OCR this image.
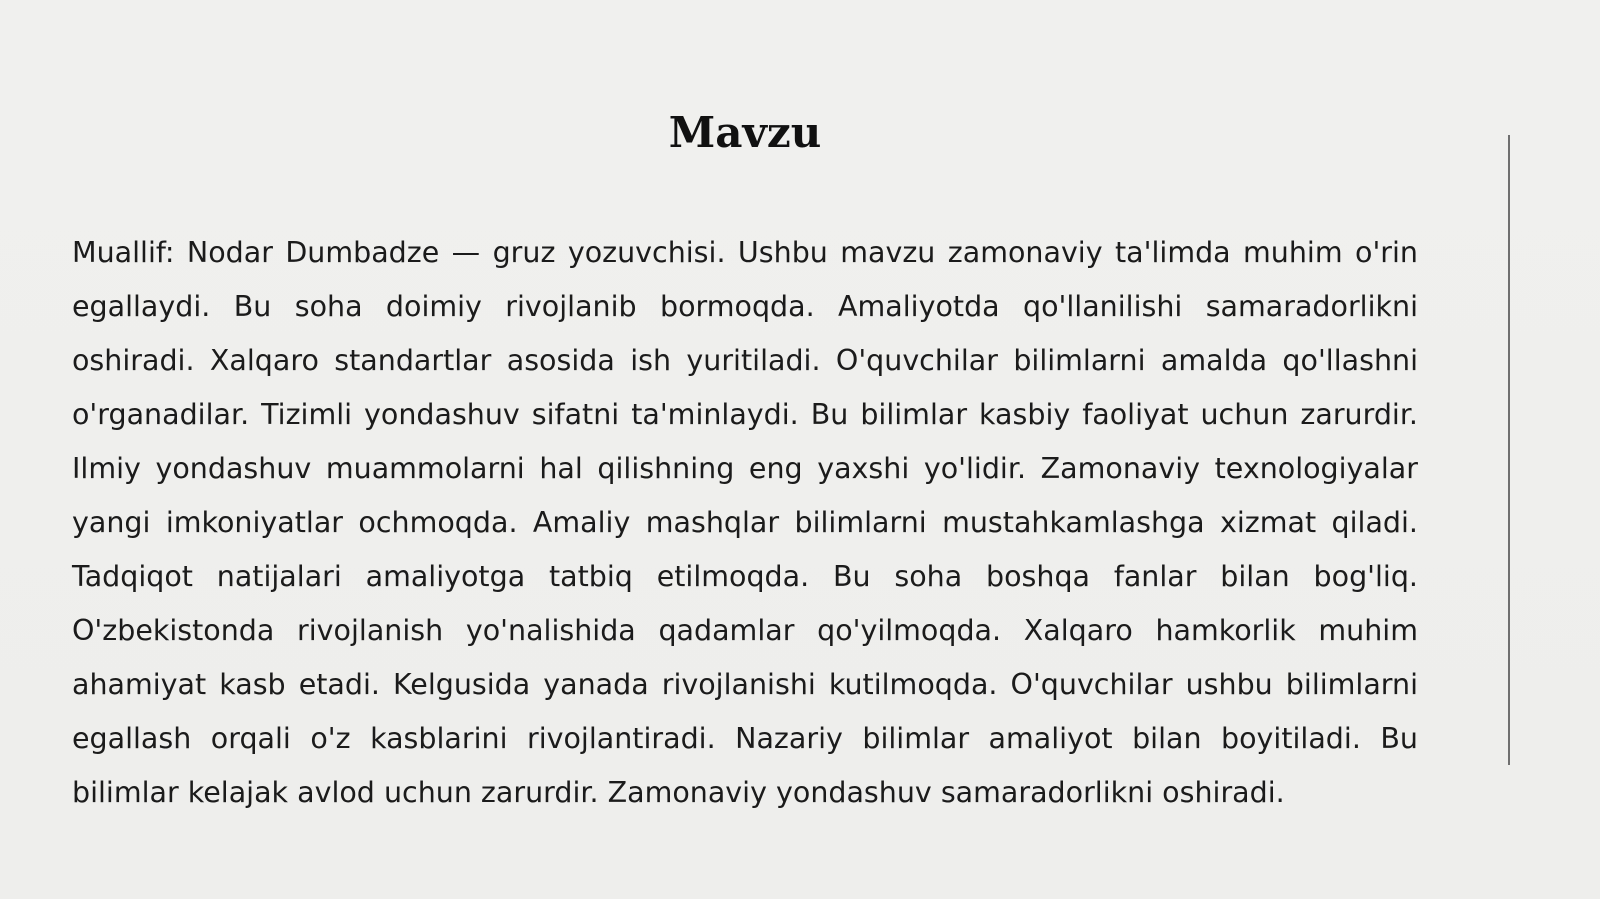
Mavzu

Muallif: Nodar Dumbadze — gruz yozuvchisi. Ushbu mavzu zamonaviy ta'limda muhim o'rin egallaydi. Bu soha doimiy rivojlanib bormoqda. Amaliyotda qo'llanilishi samaradorlikni oshiradi. Xalqaro standartlar asosida ish yuritiladi. O'quvchilar bilimlarni amalda qo'llashni o'rganadilar. Tizimli yondashuv sifatni ta'minlaydi. Bu bilimlar kasbiy faoliyat uchun zarurdir. Ilmiy yondashuv muammolarni hal qilishning eng yaxshi yo'lidir. Zamonaviy texnologiyalar yangi imkoniyatlar ochmoqda. Amaliy mashqlar bilimlarni mustahkamlashga xizmat qiladi. Tadqiqot natijalari amaliyotga tatbiq etilmoqda. Bu soha boshqa fanlar bilan bog'liq. O'zbekistonda rivojlanish yo'nalishida qadamlar qo'yilmoqda. Xalqaro hamkorlik muhim ahamiyat kasb etadi. Kelgusida yanada rivojlanishi kutilmoqda. O'quvchilar ushbu bilimlarni egallash orqali o'z kasblarini rivojlantiradi. Nazariy bilimlar amaliyot bilan boyitiladi. Bu bilimlar kelajak avlod uchun zarurdir. Zamonaviy yondashuv samaradorlikni oshiradi.
